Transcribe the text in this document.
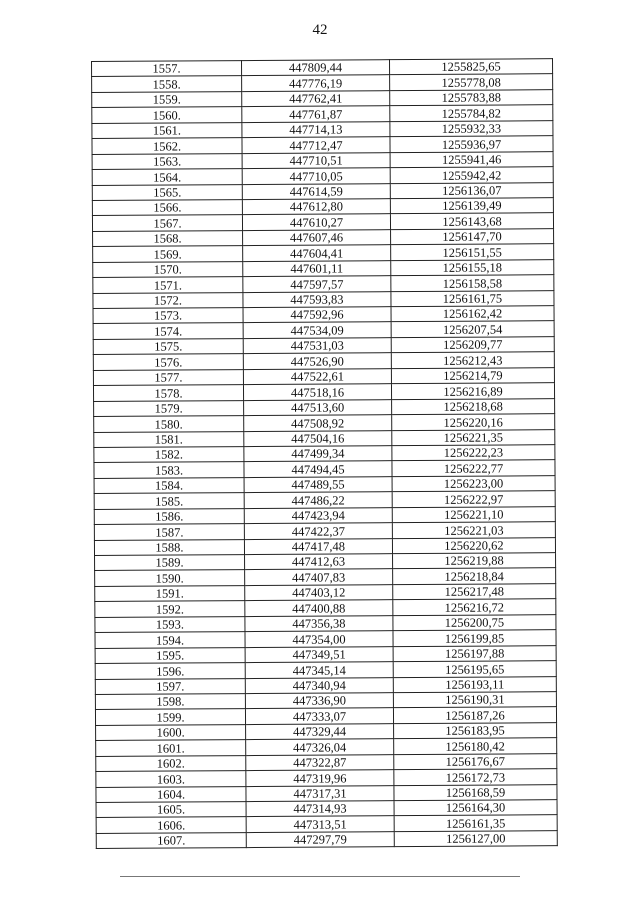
42
1557.	447809,44	1255825,65
1558.	447776,19	1255778,08
1559.	447762,41	1255783,88
1560.	447761,87	1255784,82
1561.	447714,13	1255932,33
1562.	447712,47	1255936,97
1563.	447710,51	1255941,46
1564.	447710,05	1255942,42
1565.	447614,59	1256136,07
1566.	447612,80	1256139,49
1567.	447610,27	1256143,68
1568.	447607,46	1256147,70
1569.	447604,41	1256151,55
1570.	447601,11	1256155,18
1571.	447597,57	1256158,58
1572.	447593,83	1256161,75
1573.	447592,96	1256162,42
1574.	447534,09	1256207,54
1575.	447531,03	1256209,77
1576.	447526,90	1256212,43
1577.	447522,61	1256214,79
1578.	447518,16	1256216,89
1579.	447513,60	1256218,68
1580.	447508,92	1256220,16
1581.	447504,16	1256221,35
1582.	447499,34	1256222,23
1583.	447494,45	1256222,77
1584.	447489,55	1256223,00
1585.	447486,22	1256222,97
1586.	447423,94	1256221,10
1587.	447422,37	1256221,03
1588.	447417,48	1256220,62
1589.	447412,63	1256219,88
1590.	447407,83	1256218,84
1591.	447403,12	1256217,48
1592.	447400,88	1256216,72
1593.	447356,38	1256200,75
1594.	447354,00	1256199,85
1595.	447349,51	1256197,88
1596.	447345,14	1256195,65
1597.	447340,94	1256193,11
1598.	447336,90	1256190,31
1599.	447333,07	1256187,26
1600.	447329,44	1256183,95
1601.	447326,04	1256180,42
1602.	447322,87	1256176,67
1603.	447319,96	1256172,73
1604.	447317,31	1256168,59
1605.	447314,93	1256164,30
1606.	447313,51	1256161,35
1607.	447297,79	1256127,00
